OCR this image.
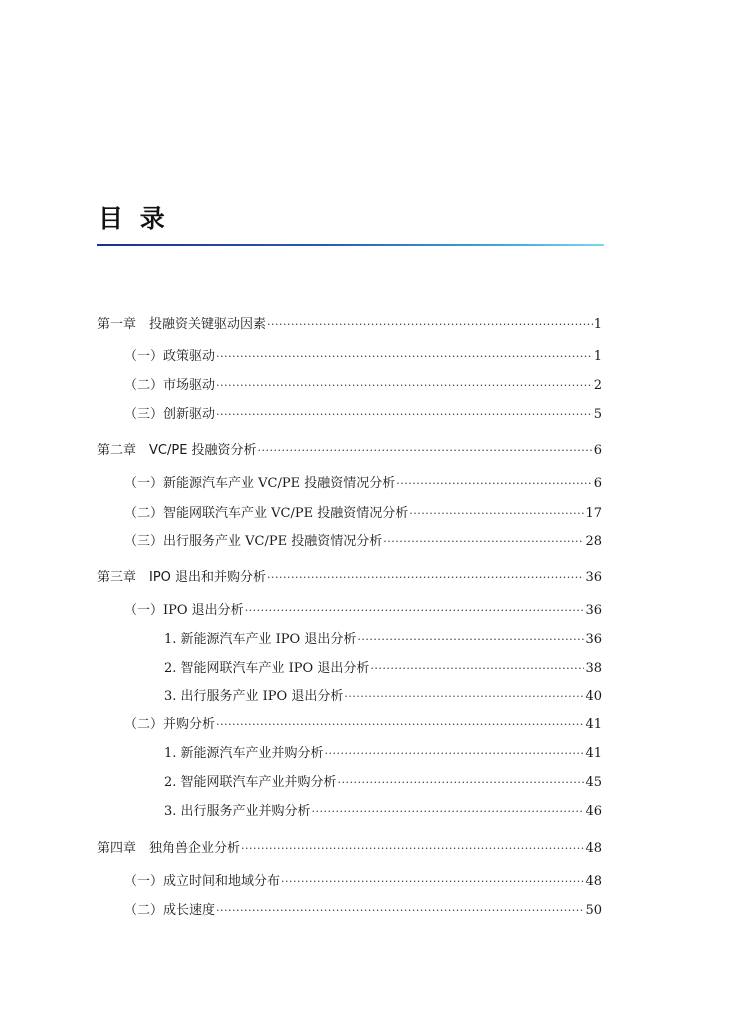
目 录
第一章　投融资关键驱动因素 ·····	1
（一）政策驱动 ·····	1
（二）市场驱动 ·····	2
（三）创新驱动 ·····	5
第二章　VC/PE 投融资分析 ·····	6
（一）新能源汽车产业 VC/PE 投融资情况分析 ·····	6
（二）智能网联汽车产业 VC/PE 投融资情况分析 ·····	17
（三）出行服务产业 VC/PE 投融资情况分析 ·····	28
第三章　IPO 退出和并购分析 ·····	36
（一）IPO 退出分析 ·····	36
1. 新能源汽车产业 IPO 退出分析 ·····	36
2. 智能网联汽车产业 IPO 退出分析 ·····	38
3. 出行服务产业 IPO 退出分析 ·····	40
（二）并购分析 ·····	41
1. 新能源汽车产业并购分析 ·····	41
2. 智能网联汽车产业并购分析 ·····	45
3. 出行服务产业并购分析 ·····	46
第四章　独角兽企业分析 ·····	48
（一）成立时间和地域分布 ·····	48
（二）成长速度 ·····	50
